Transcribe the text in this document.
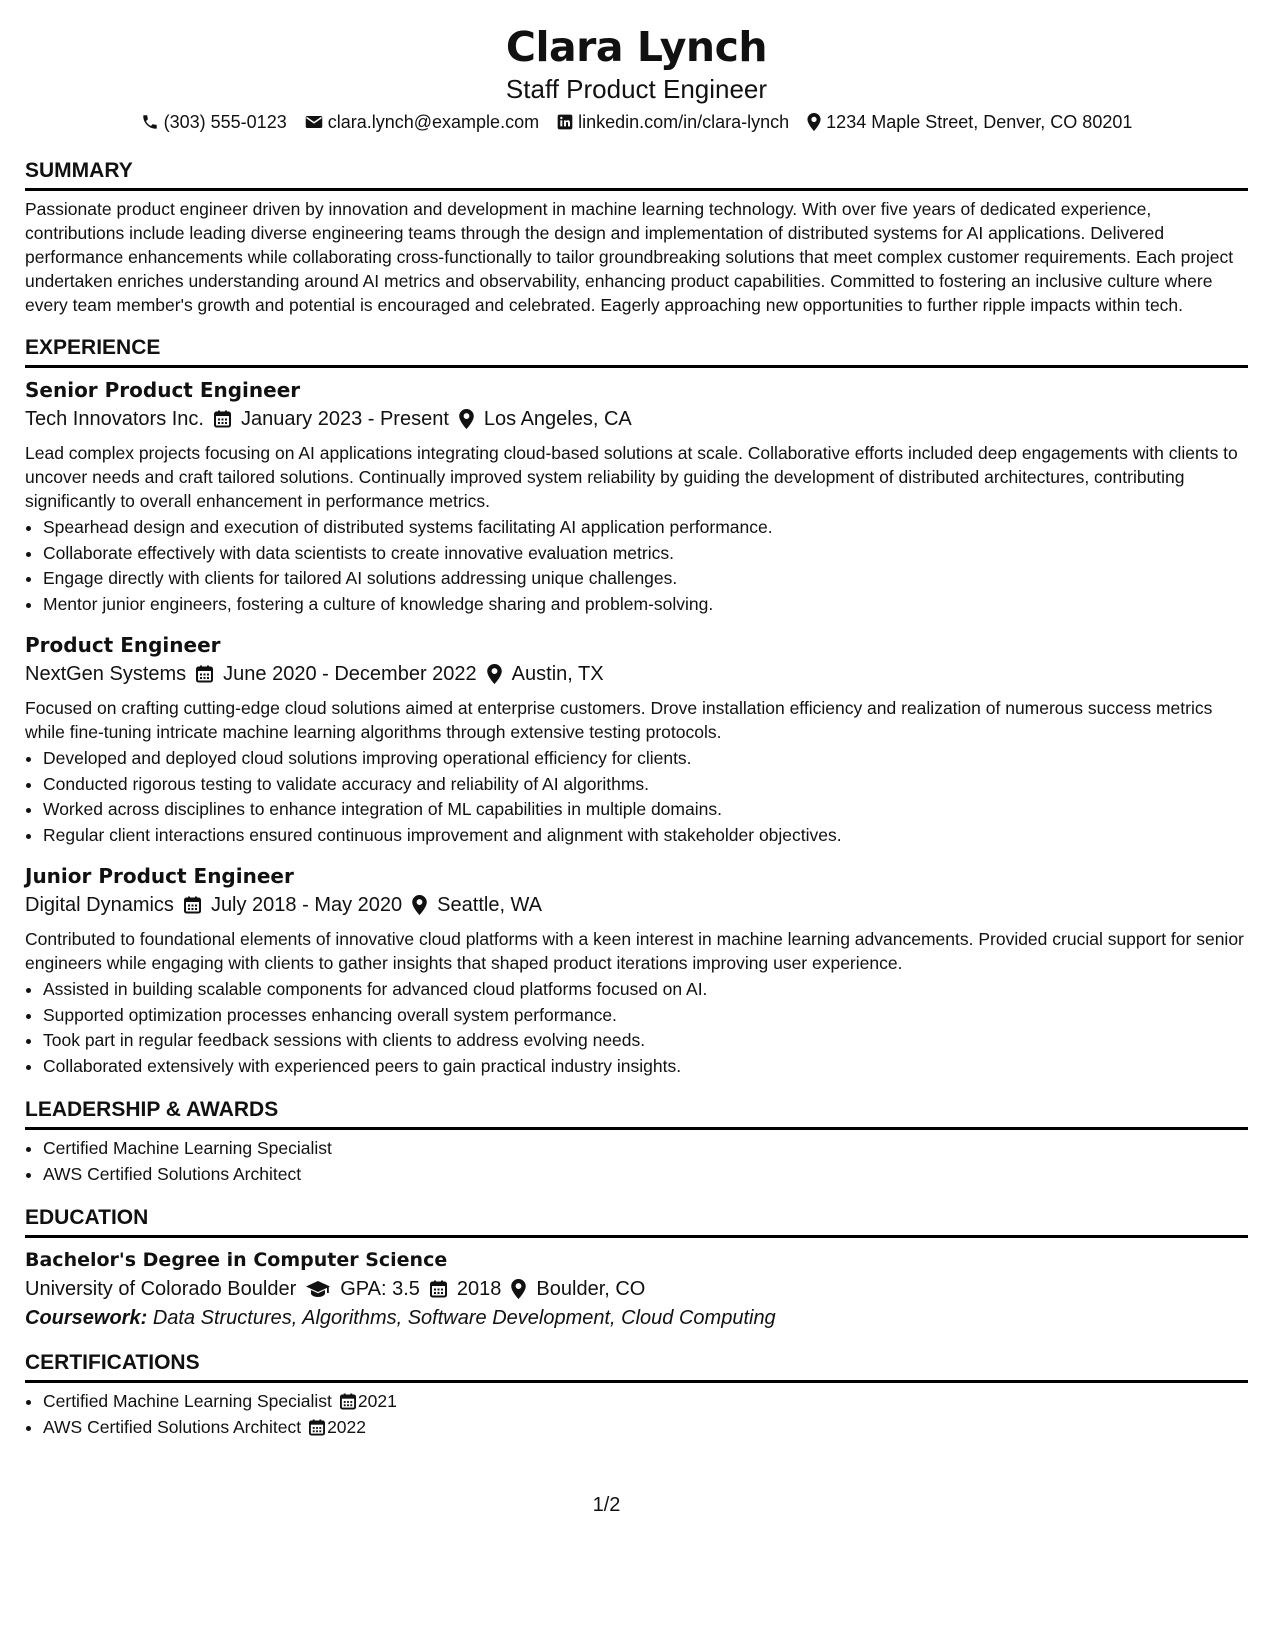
Clara Lynch
Staff Product Engineer
(303) 555-0123 clara.lynch@example.com linkedin.com/in/clara-lynch 1234 Maple Street, Denver, CO 80201
SUMMARY

Passionate product engineer driven by innovation and development in machine learning technology. With over five years of dedicated experience, contributions include leading diverse engineering teams through the design and implementation of distributed systems for AI applications. Delivered performance enhancements while collaborating cross-functionally to tailor groundbreaking solutions that meet complex customer requirements. Each project undertaken enriches understanding around AI metrics and observability, enhancing product capabilities. Committed to fostering an inclusive culture where every team member's growth and potential is encouraged and celebrated. Eagerly approaching new opportunities to further ripple impacts within tech.

EXPERIENCE
Senior Product Engineer
Tech Innovators Inc. January 2023 - Present Los Angeles, CA

Lead complex projects focusing on AI applications integrating cloud-based solutions at scale. Collaborative efforts included deep engagements with clients to uncover needs and craft tailored solutions. Continually improved system reliability by guiding the development of distributed architectures, contributing significantly to overall enhancement in performance metrics.

• Spearhead design and execution of distributed systems facilitating AI application performance.
• Collaborate effectively with data scientists to create innovative evaluation metrics.
• Engage directly with clients for tailored AI solutions addressing unique challenges.
• Mentor junior engineers, fostering a culture of knowledge sharing and problem-solving.
Product Engineer
NextGen Systems June 2020 - December 2022 Austin, TX

Focused on crafting cutting-edge cloud solutions aimed at enterprise customers. Drove installation efficiency and realization of numerous success metrics while fine-tuning intricate machine learning algorithms through extensive testing protocols.

• Developed and deployed cloud solutions improving operational efficiency for clients.
• Conducted rigorous testing to validate accuracy and reliability of AI algorithms.
• Worked across disciplines to enhance integration of ML capabilities in multiple domains.
• Regular client interactions ensured continuous improvement and alignment with stakeholder objectives.
Junior Product Engineer
Digital Dynamics July 2018 - May 2020 Seattle, WA

Contributed to foundational elements of innovative cloud platforms with a keen interest in machine learning advancements. Provided crucial support for senior engineers while engaging with clients to gather insights that shaped product iterations improving user experience.

• Assisted in building scalable components for advanced cloud platforms focused on AI.
• Supported optimization processes enhancing overall system performance.
• Took part in regular feedback sessions with clients to address evolving needs.
• Collaborated extensively with experienced peers to gain practical industry insights.
LEADERSHIP & AWARDS
• Certified Machine Learning Specialist
• AWS Certified Solutions Architect
EDUCATION
Bachelor's Degree in Computer Science
University of Colorado Boulder GPA: 3.5 2018 Boulder, CO
Coursework: Data Structures, Algorithms, Software Development, Cloud Computing
CERTIFICATIONS
• Certified Machine Learning Specialist 2021
• AWS Certified Solutions Architect 2022
1/2
